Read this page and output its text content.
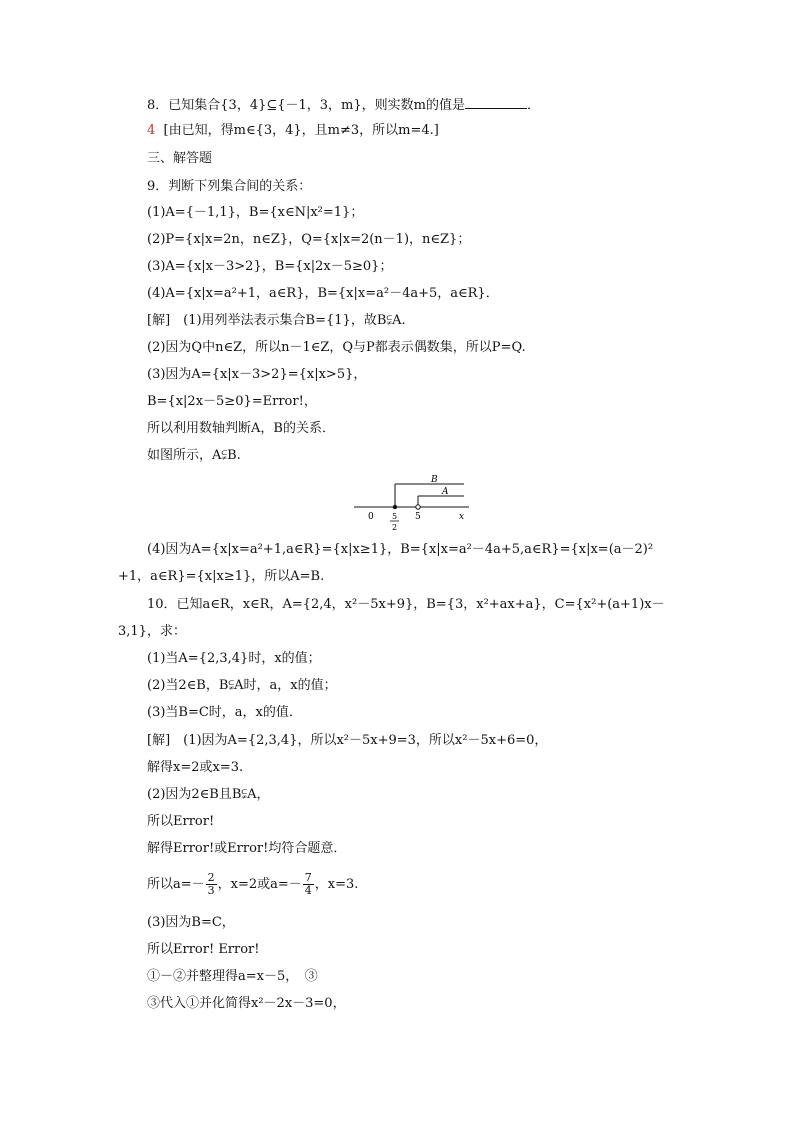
8．已知集合{3，4}⊆{－1，3，m}，则实数m的值是	．
4 [由已知，得m∈{3，4}，且m≠3，所以m=4.]
三、解答题
9．判断下列集合间的关系：
(1)A={－1,1}，B={x∈N|x²=1}；
(2)P={x|x=2n，n∈Z}，Q={x|x=2(n－1)，n∈Z}；
(3)A={x|x－3>2}，B={x|2x－5≥0}；
(4)A={x|x=a²+1，a∈R}，B={x|x=a²－4a+5，a∈R}．
[解]　(1)用列举法表示集合B={1}，故B⫋A.
(2)因为Q中n∈Z，所以n－1∈Z，Q与P都表示偶数集，所以P=Q.
(3)因为A={x|x－3>2}={x|x>5}，
B={x|2x－5≥0}=Error!，
所以利用数轴判断A，B的关系．
如图所示，A⫋B.
0 5
2
5	x
B
A
(4)因为A={x|x=a²+1,a∈R}={x|x≥1}，B={x|x=a²－4a+5,a∈R}={x|x=(a－2)²
+1，a∈R}={x|x≥1}，所以A=B.
10．已知a∈R，x∈R，A={2,4，x²－5x+9}，B={3，x²+ax+a}，C={x²+(a+1)x－
3,1}，求：
(1)当A={2,3,4}时，x的值；
(2)当2∈B，B⫋A时，a，x的值；
(3)当B=C时，a，x的值．
[解]　(1)因为A={2,3,4}，所以x²－5x+9=3，所以x²－5x+6=0，
解得x=2或x=3.
(2)因为2∈B且B⫋A，
所以Error!
解得Error!或Error!均符合题意．
所以$a=- \frac{2}{3}$ ，x=2或$a=- \frac{7}{4}$ ，x=3.
(3)因为B=C，
所以Error! Error!
①－②并整理得a=x－5，　③
③代入①并化简得x²－2x－3=0，
